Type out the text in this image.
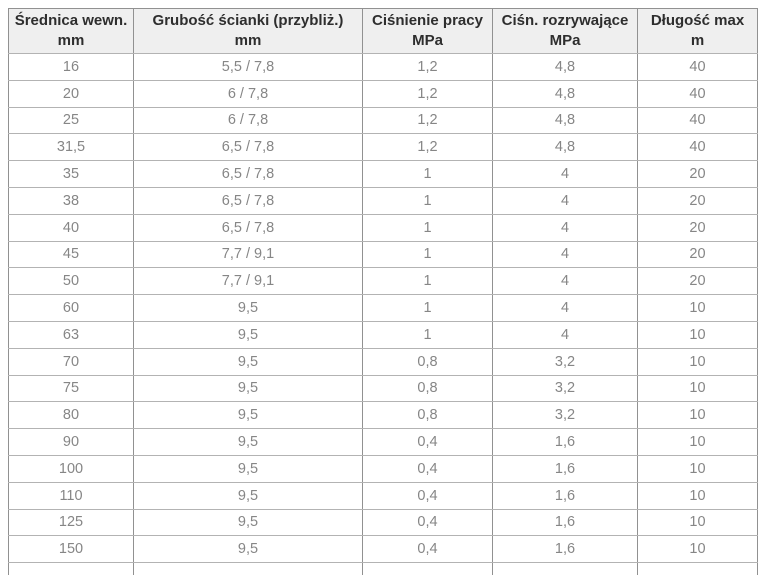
Średnica wewn.
mm	Grubość ścianki (przybliż.)
mm	Ciśnienie pracy
MPa	Ciśn. rozrywające
MPa	Długość max
m

16	5,5 / 7,8	1,2	4,8	40
20	6 / 7,8	1,2	4,8	40
25	6 / 7,8	1,2	4,8	40
31,5	6,5 / 7,8	1,2	4,8	40
35	6,5 / 7,8	1	4	20
38	6,5 / 7,8	1	4	20
40	6,5 / 7,8	1	4	20
45	7,7 / 9,1	1	4	20
50	7,7 / 9,1	1	4	20
60	9,5	1	4	10
63	9,5	1	4	10
70	9,5	0,8	3,2	10
75	9,5	0,8	3,2	10
80	9,5	0,8	3,2	10
90	9,5	0,4	1,6	10
100	9,5	0,4	1,6	10
110	9,5	0,4	1,6	10
125	9,5	0,4	1,6	10
150	9,5	0,4	1,6	10
